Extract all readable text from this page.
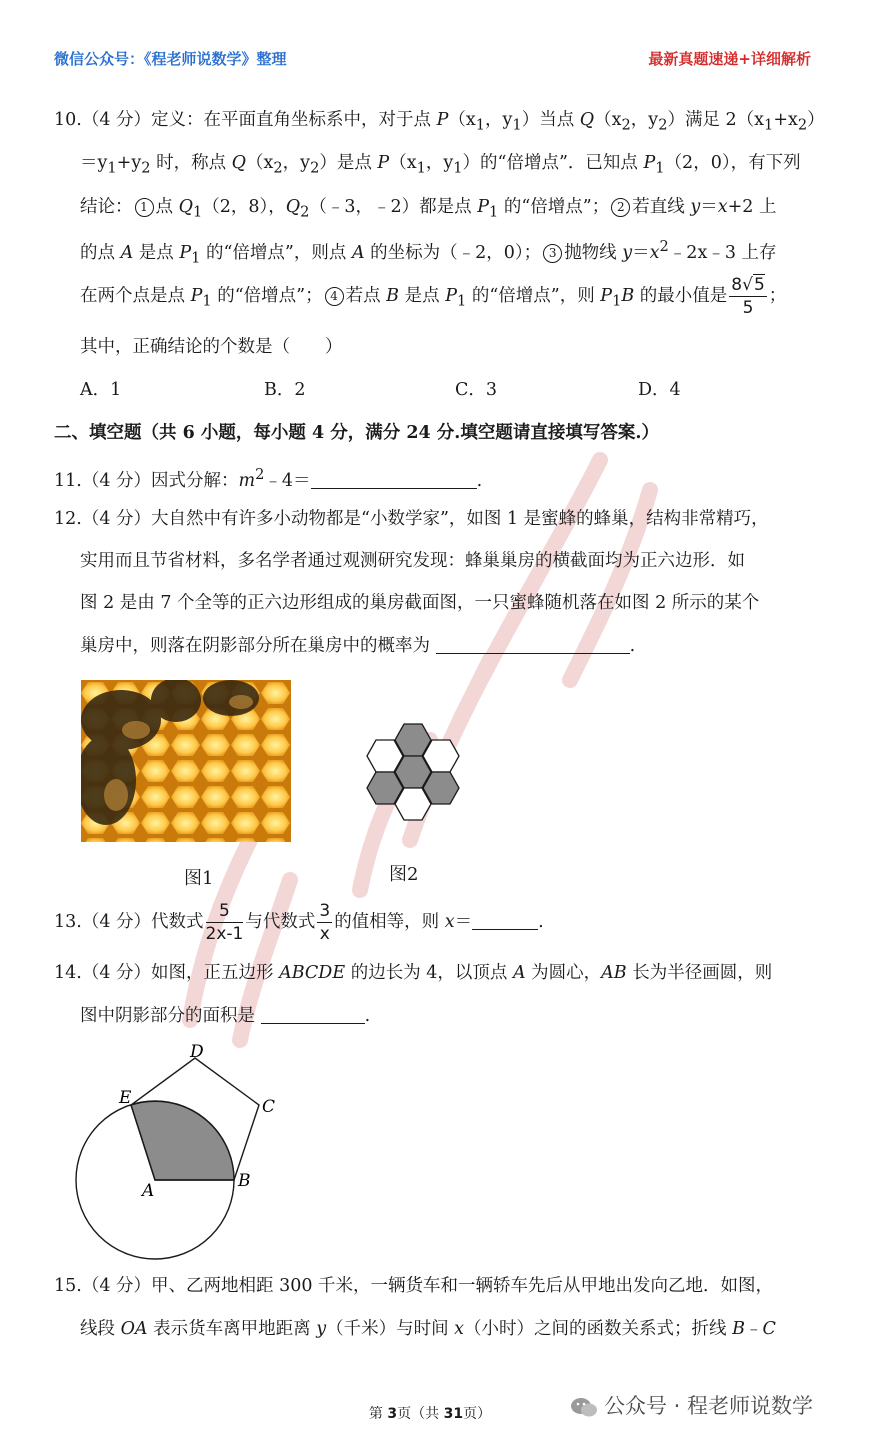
微信公众号：《程老师说数学》整理	最新真题速递+详细解析
10.（4 分）定义：在平面直角坐标系中，对于点 $P(x_1$，$y_1$）当点 $Q(x_2$，$y_2$）满足 $2(x_1+x_2)$
$=y_1+y_2$ 时，称点 $Q(x_2$，$y_2$）是点 $P(x_1$，$y_1$）的“倍增点”．已知点 $P_1(2$，0），有下列
结论： 1 点 $Q_1(2$，8），$Q_2(﹣3$，﹣2）都是点 $P_1$ 的“倍增点”； 2 若直线 y＝x+2 上
的点 A 是点 $P_1$ 的“倍增点”，则点 A 的坐标为（﹣2，0）； 3 抛物线 $y=x^2﹣2x﹣3$ 上存
在两个点是点 $P_1$ 的“倍增点”； 4 若点 B 是点 $P_1$ 的“倍增点”，则 $P_1B$ 的最小值是 $\frac{8√5}{5}$ ；
其中，正确结论的个数是（　　）
A．1	B．2	C．3	D．4
二、填空题（共 6 小题，每小题 4 分，满分 24 分.填空题请直接填写答案.）
11.（4 分）因式分解：$m^2﹣4=$	.
12.（4 分）大自然中有许多小动物都是“小数学家”，如图 1 是蜜蜂的蜂巢，结构非常精巧，
实用而且节省材料，多名学者通过观测研究发现：蜂巢巢房的横截面均为正六边形．如
图 2 是由 7 个全等的正六边形组成的巢房截面图，一只蜜蜂随机落在如图 2 所示的某个
巢房中，则落在阴影部分所在巢房中的概率为	.
图1	图2
13.（4 分）代数式 $\frac{5}{2x-1}$ 与代数式 $\frac{3}{x}$ 的值相等，则 x＝	.
14.（4 分）如图，正五边形 ABCDE 的边长为 4，以顶点 A 为圆心，AB 长为半径画圆，则
图中阴影部分的面积是	.
A	B
C
D
E
15.（4 分）甲、乙两地相距 300 千米，一辆货车和一辆轿车先后从甲地出发向乙地．如图，
线段 OA 表示货车离甲地距离 y（千米）与时间 x（小时）之间的函数关系式；折线 B﹣C
第 3页（共 31页）	公众号 · 程老师说数学
